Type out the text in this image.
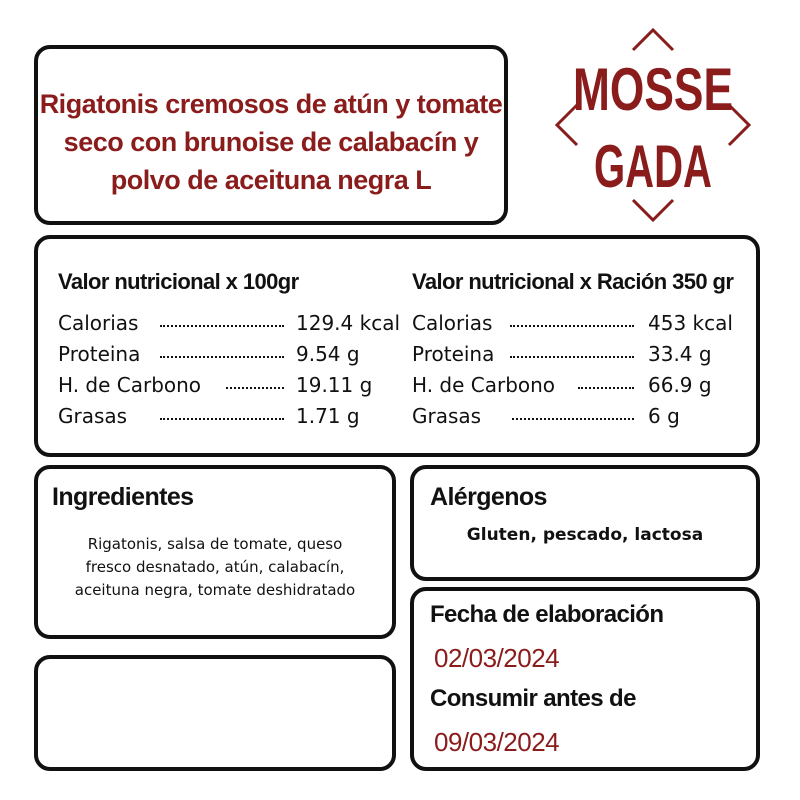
Rigatonis cremosos de atún y tomate
seco con brunoise de calabacín y
polvo de aceituna negra L
MOSSE
GADA
Valor nutricional x 100gr	Valor nutricional x Ración 350 gr
Calorias	129.4 kcal
Proteina	9.54 g
H. de Carbono	19.11 g
Grasas	1.71 g
Calorias	453 kcal
Proteina	33.4 g
H. de Carbono	66.9 g
Grasas	6 g
Ingredientes
Rigatonis, salsa de tomate, queso
fresco desnatado, atún, calabacín,
aceituna negra, tomate deshidratado
Alérgenos
Gluten, pescado, lactosa
Fecha de elaboración
02/03/2024
Consumir antes de
09/03/2024
